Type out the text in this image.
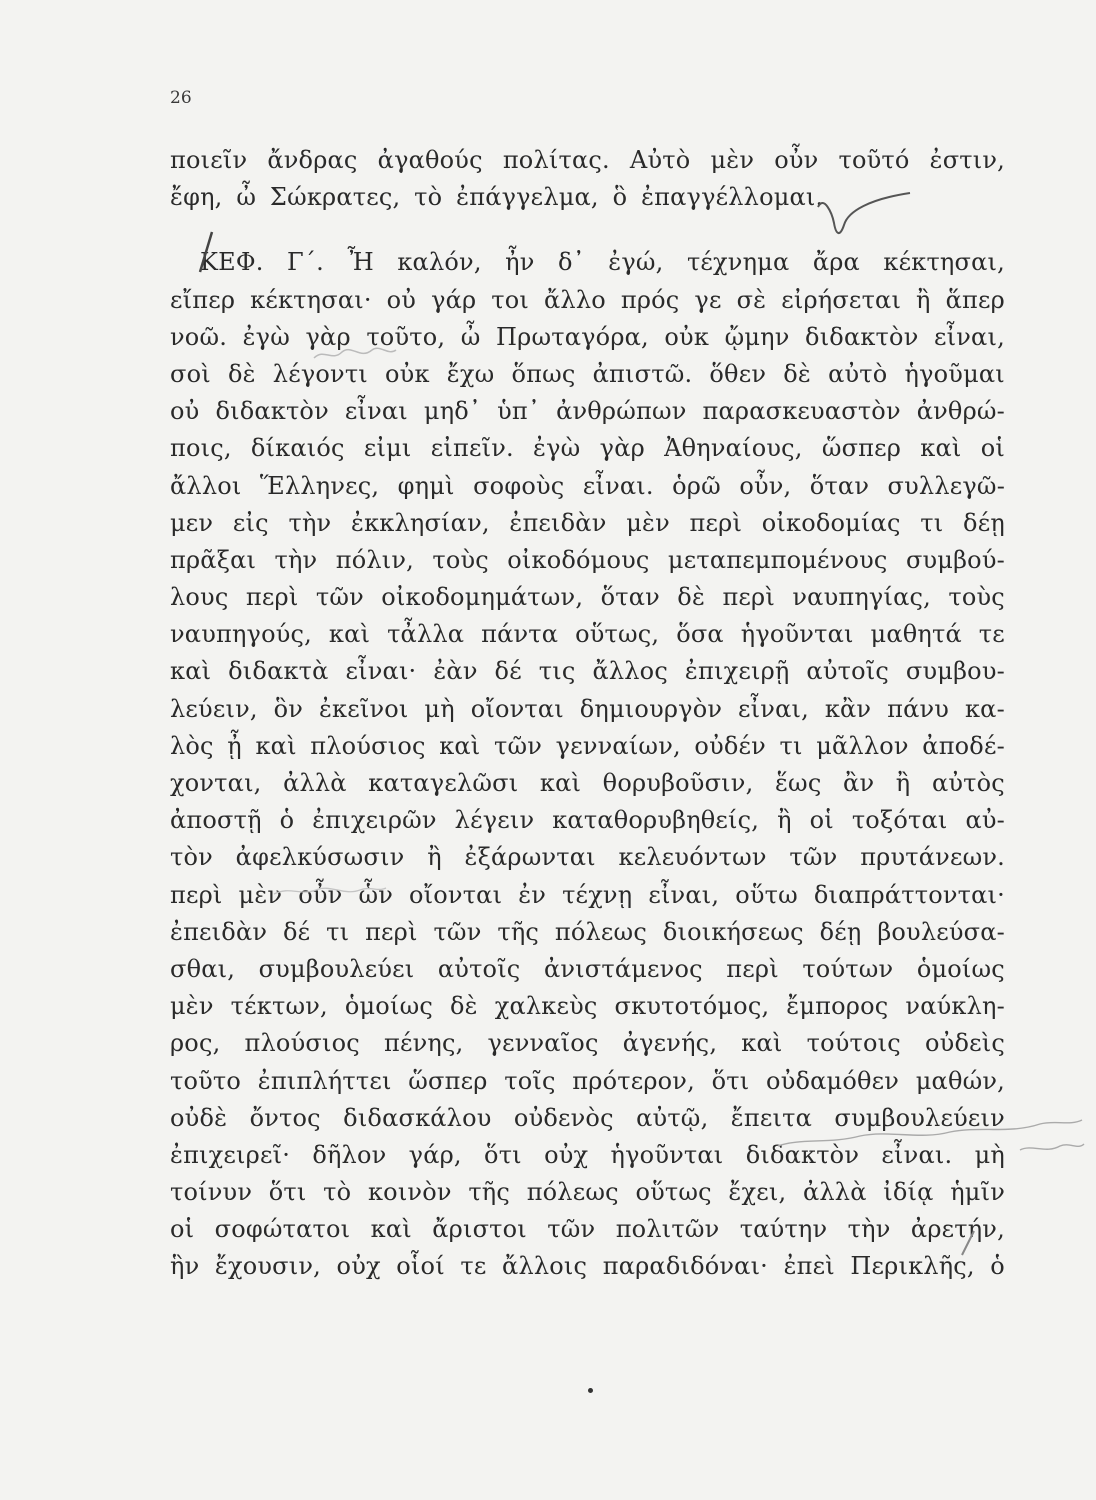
26
ποιεῖν ἄνδρας ἀγαθούς πολίτας. Αὐτὸ μὲν οὖν τοῦτό ἐστιν,
ἔφη, ὦ Σώκρατες, τὸ ἐπάγγελμα, ὃ ἐπαγγέλλομαι.
ΚΕΦ. Γ΄. Ἦ καλόν, ἦν δ᾽ ἐγώ, τέχνημα ἄρα κέκτησαι,
εἴπερ κέκτησαι· οὐ γάρ τοι ἄλλο πρός γε σὲ εἰρήσεται ἢ ἅπερ
νοῶ. ἐγὼ γὰρ τοῦτο, ὦ Πρωταγόρα, οὐκ ᾤμην διδακτὸν εἶναι,
σοὶ δὲ λέγοντι οὐκ ἔχω ὅπως ἀπιστῶ. ὅθεν δὲ αὐτὸ ἡγοῦμαι
οὐ διδακτὸν εἶναι μηδ᾽ ὑπ᾽ ἀνθρώπων παρασκευαστὸν ἀνθρώ-
ποις, δίκαιός εἰμι εἰπεῖν. ἐγὼ γὰρ Ἀθηναίους, ὥσπερ καὶ οἱ
ἄλλοι Ἕλληνες, φημὶ σοφοὺς εἶναι. ὁρῶ οὖν, ὅταν συλλεγῶ-
μεν εἰς τὴν ἐκκλησίαν, ἐπειδὰν μὲν περὶ οἰκοδομίας τι δέῃ
πρᾶξαι τὴν πόλιν, τοὺς οἰκοδόμους μεταπεμπομένους συμβού-
λους περὶ τῶν οἰκοδομημάτων, ὅταν δὲ περὶ ναυπηγίας, τοὺς
ναυπηγούς, καὶ τἆλλα πάντα οὕτως, ὅσα ἡγοῦνται μαθητά τε
καὶ διδακτὰ εἶναι· ἐὰν δέ τις ἄλλος ἐπιχειρῇ αὐτοῖς συμβου-
λεύειν, ὃν ἐκεῖνοι μὴ οἴονται δημιουργὸν εἶναι, κἂν πάνυ κα-
λὸς ᾖ καὶ πλούσιος καὶ τῶν γενναίων, οὐδέν τι μᾶλλον ἀποδέ-
χονται, ἀλλὰ καταγελῶσι καὶ θορυβοῦσιν, ἕως ἂν ἢ αὐτὸς
ἀποστῇ ὁ ἐπιχειρῶν λέγειν καταθορυβηθείς, ἢ οἱ τοξόται αὐ-
τὸν ἀφελκύσωσιν ἢ ἐξάρωνται κελευόντων τῶν πρυτάνεων.
περὶ μὲν οὖν ὧν οἴονται ἐν τέχνῃ εἶναι, οὕτω διαπράττονται·
ἐπειδὰν δέ τι περὶ τῶν τῆς πόλεως διοικήσεως δέῃ βουλεύσα-
σθαι, συμβουλεύει αὐτοῖς ἀνιστάμενος περὶ τούτων ὁμοίως
μὲν τέκτων, ὁμοίως δὲ χαλκεὺς σκυτοτόμος, ἔμπορος ναύκλη-
ρος, πλούσιος πένης, γενναῖος ἀγενής, καὶ τούτοις οὐδεὶς
τοῦτο ἐπιπλήττει ὥσπερ τοῖς πρότερον, ὅτι οὐδαμόθεν μαθών,
οὐδὲ ὄντος διδασκάλου οὐδενὸς αὐτῷ, ἔπειτα συμβουλεύειν
ἐπιχειρεῖ· δῆλον γάρ, ὅτι οὐχ ἡγοῦνται διδακτὸν εἶναι. μὴ
τοίνυν ὅτι τὸ κοινὸν τῆς πόλεως οὕτως ἔχει, ἀλλὰ ἰδίᾳ ἡμῖν
οἱ σοφώτατοι καὶ ἄριστοι τῶν πολιτῶν ταύτην τὴν ἀρετήν,
ἣν ἔχουσιν, οὐχ οἷοί τε ἄλλοις παραδιδόναι· ἐπεὶ Περικλῆς, ὁ
